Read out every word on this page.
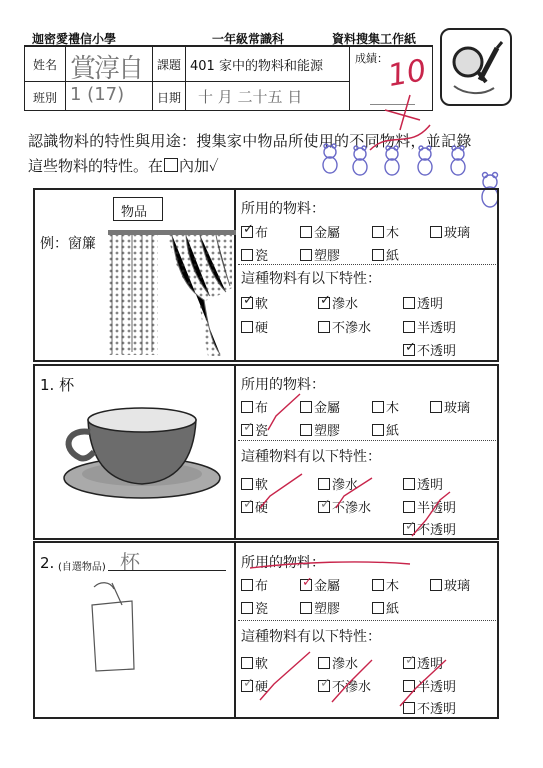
迦密愛禮信小學	一年級常識科	資料搜集工作紙
姓名 賞淳自 課題 401 家中的物料和能源
班別 1 (17)	日期 十 月 二十五 日
成績：
10
認識物料的特性與用途：搜集家中物品所使用的不同物料，並記錄
這些物料的特性。在 內加✓
物品
例：窗簾
所用的物料：
這種物料有以下特性：
✓ 布	金屬	木	玻璃
瓷	塑膠	紙
✓ 軟	✓ 滲水	透明
硬	不滲水	半透明
✓ 不透明
1. 杯	所用的物料：
這種物料有以下特性：
布	金屬	木	玻璃
✓ 瓷	塑膠	紙
軟	滲水	透明
✓ 硬	✓ 不滲水	半透明
✓ 不透明
2. (自選物品) 杯	所用的物料：
這種物料有以下特性：
布	✓ 金屬	木	玻璃
瓷	塑膠	紙
軟	滲水	✓ 透明
✓ 硬	✓ 不滲水	半透明
不透明
